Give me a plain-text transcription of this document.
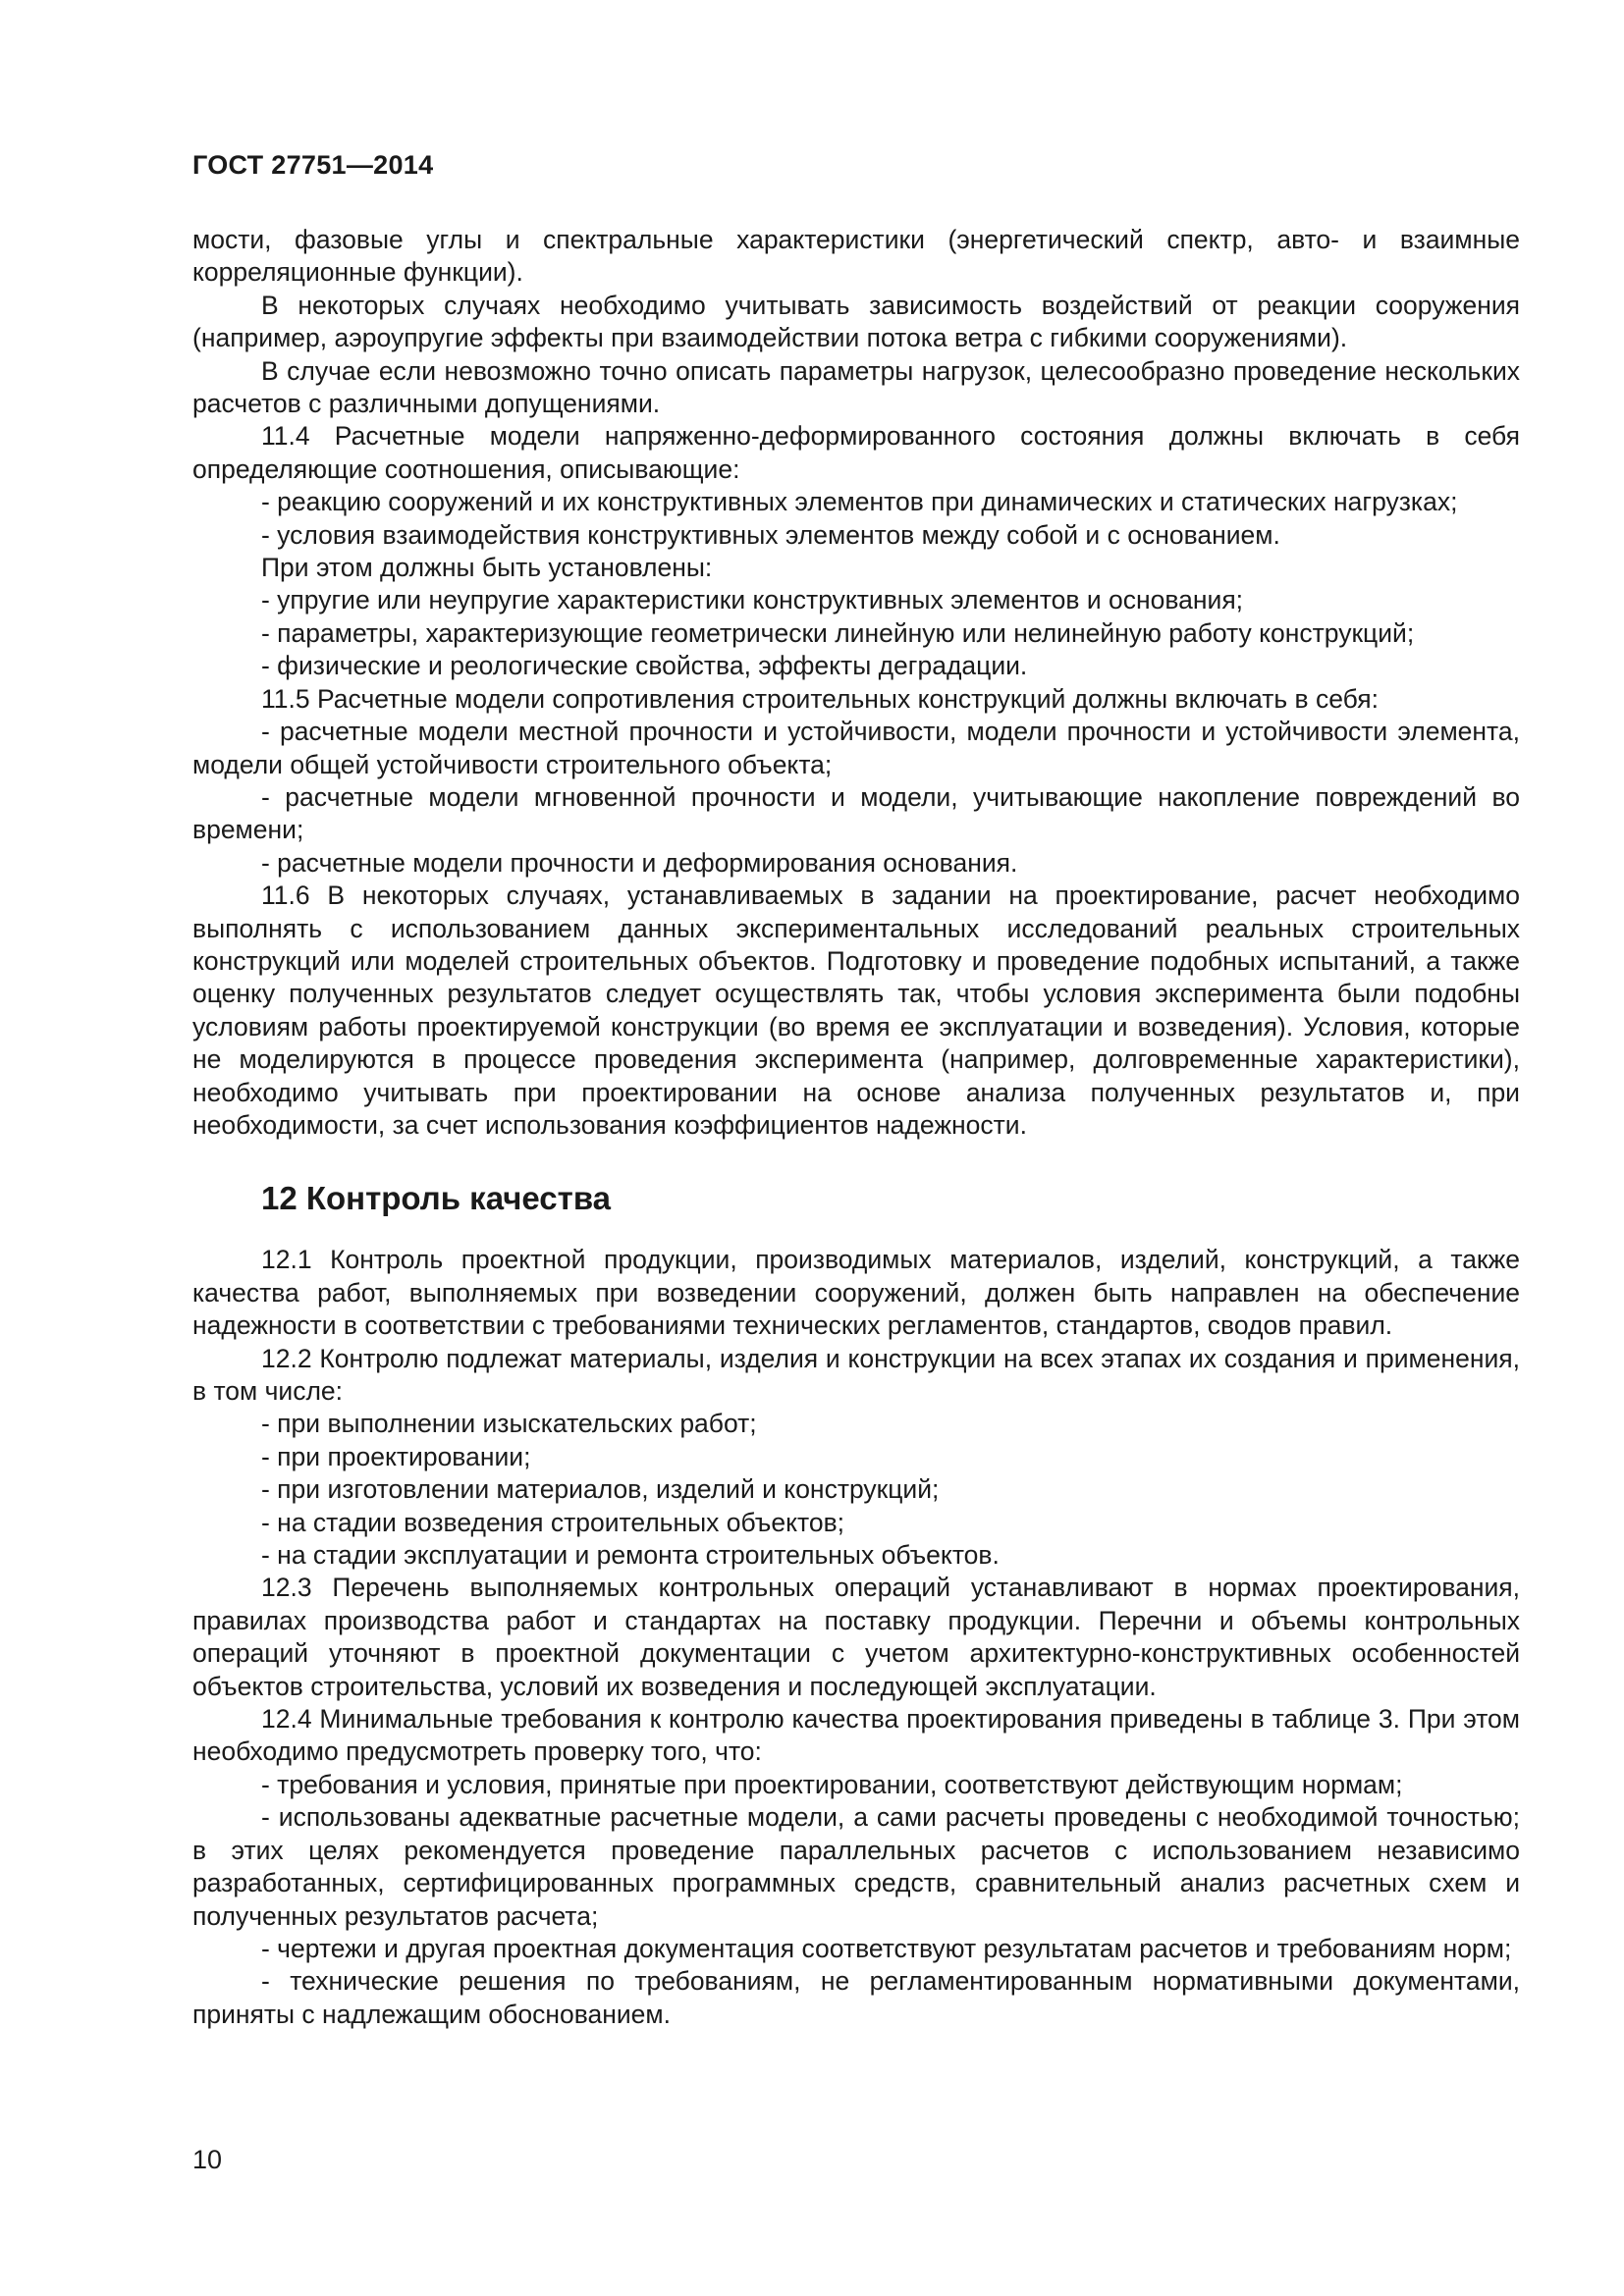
ГОСТ 27751—2014

мости, фазовые углы и спектральные характеристики (энергетический спектр, авто- и взаимные корреляционные функции).

В некоторых случаях необходимо учитывать зависимость воздействий от реакции сооружения (например, аэроупругие эффекты при взаимодействии потока ветра с гибкими сооружениями).

В случае если невозможно точно описать параметры нагрузок, целесообразно проведение нескольких расчетов с различными допущениями.

11.4 Расчетные модели напряженно-деформированного состояния должны включать в себя определяющие соотношения, описывающие:

- реакцию сооружений и их конструктивных элементов при динамических и статических нагрузках;

- условия взаимодействия конструктивных элементов между собой и с основанием.

При этом должны быть установлены:

- упругие или неупругие характеристики конструктивных элементов и основания;

- параметры, характеризующие геометрически линейную или нелинейную работу конструкций;

- физические и реологические свойства, эффекты деградации.

11.5 Расчетные модели сопротивления строительных конструкций должны включать в себя:

- расчетные модели местной прочности и устойчивости, модели прочности и устойчивости элемента, модели общей устойчивости строительного объекта;

- расчетные модели мгновенной прочности и модели, учитывающие накопление повреждений во времени;

- расчетные модели прочности и деформирования основания.

11.6 В некоторых случаях, устанавливаемых в задании на проектирование, расчет необходимо выполнять с использованием данных экспериментальных исследований реальных строительных конструкций или моделей строительных объектов. Подготовку и проведение подобных испытаний, а также оценку полученных результатов следует осуществлять так, чтобы условия эксперимента были подобны условиям работы проектируемой конструкции (во время ее эксплуатации и возведения). Условия, которые не моделируются в процессе проведения эксперимента (например, долговременные характеристики), необходимо учитывать при проектировании на основе анализа полученных результатов и, при необходимости, за счет использования коэффициентов надежности.

12 Контроль качества

12.1 Контроль проектной продукции, производимых материалов, изделий, конструкций, а также качества работ, выполняемых при возведении сооружений, должен быть направлен на обеспечение надежности в соответствии с требованиями технических регламентов, стандартов, сводов правил.

12.2 Контролю подлежат материалы, изделия и конструкции на всех этапах их создания и применения, в том числе:

- при выполнении изыскательских работ;

- при проектировании;

- при изготовлении материалов, изделий и конструкций;

- на стадии возведения строительных объектов;

- на стадии эксплуатации и ремонта строительных объектов.

12.3 Перечень выполняемых контрольных операций устанавливают в нормах проектирования, правилах производства работ и стандартах на поставку продукции. Перечни и объемы контрольных операций уточняют в проектной документации с учетом архитектурно-конструктивных особенностей объектов строительства, условий их возведения и последующей эксплуатации.

12.4 Минимальные требования к контролю качества проектирования приведены в таблице 3. При этом необходимо предусмотреть проверку того, что:

- требования и условия, принятые при проектировании, соответствуют действующим нормам;

- использованы адекватные расчетные модели, а сами расчеты проведены с необходимой точностью; в этих целях рекомендуется проведение параллельных расчетов с использованием независимо разработанных, сертифицированных программных средств, сравнительный анализ расчетных схем и полученных результатов расчета;

- чертежи и другая проектная документация соответствуют результатам расчетов и требованиям норм;

- технические решения по требованиям, не регламентированным нормативными документами, приняты с надлежащим обоснованием.

10
